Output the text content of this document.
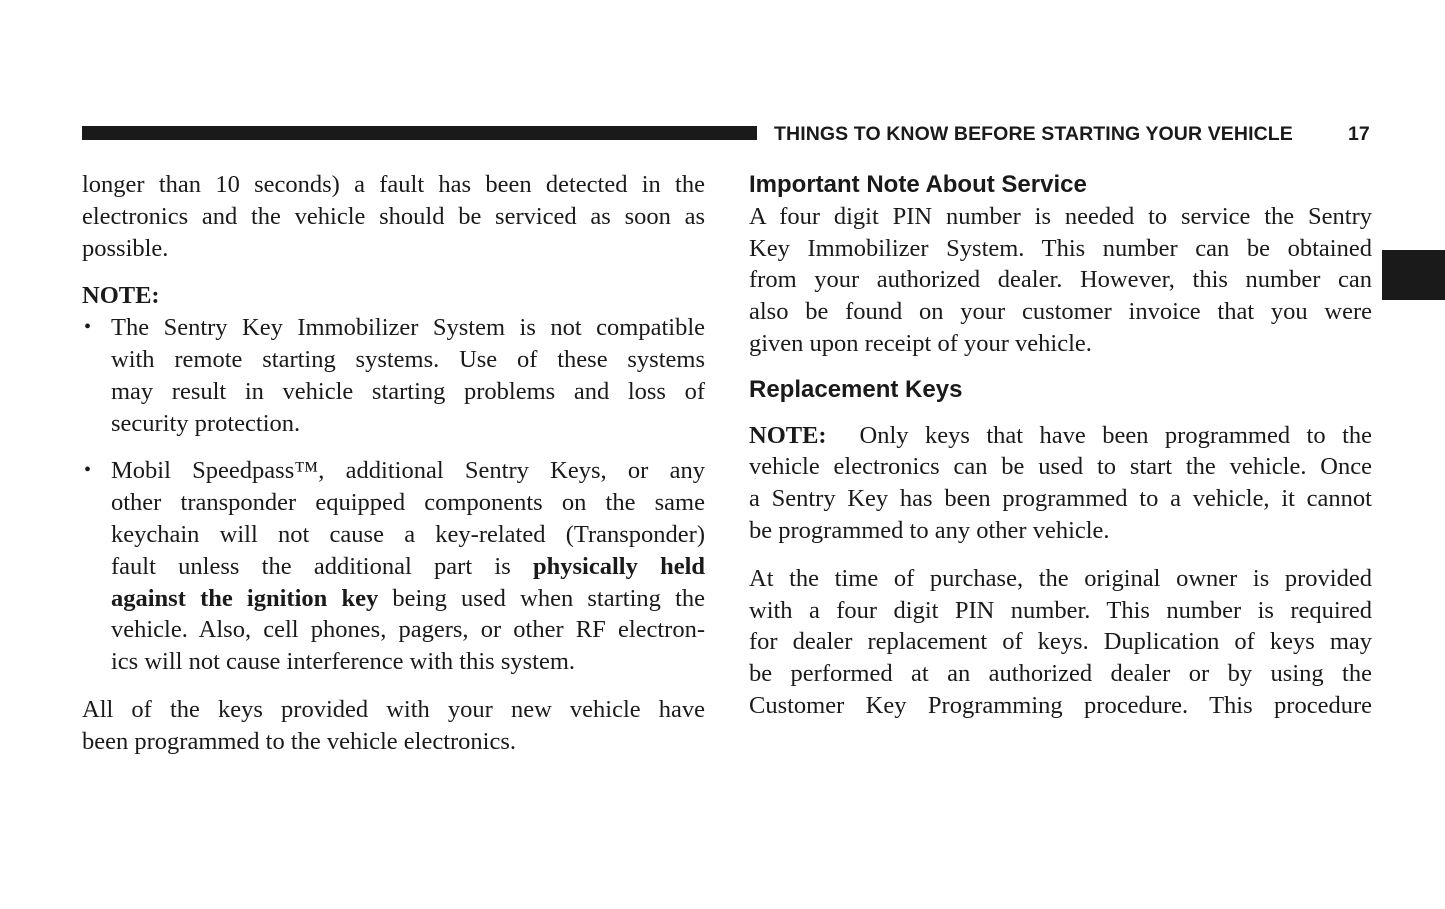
THINGS TO KNOW BEFORE STARTING YOUR VEHICLE	17
longer than 10 seconds) a fault has been detected in the
electronics and the vehicle should be serviced as soon as
possible.
NOTE:
• The Sentry Key Immobilizer System is not compatible
with remote starting systems. Use of these systems
may result in vehicle starting problems and loss of
security protection.
• Mobil Speedpass™, additional Sentry Keys, or any
other transponder equipped components on the same
keychain will not cause a key-related (Transponder)
fault unless the additional part is physically held
against the ignition key being used when starting the
vehicle. Also, cell phones, pagers, or other RF electron-
ics will not cause interference with this system.
All of the keys provided with your new vehicle have
been programmed to the vehicle electronics.
Important Note About Service
A four digit PIN number is needed to service the Sentry
Key Immobilizer System. This number can be obtained
from your authorized dealer. However, this number can
also be found on your customer invoice that you were
given upon receipt of your vehicle.
Replacement Keys
NOTE:  Only keys that have been programmed to the
vehicle electronics can be used to start the vehicle. Once
a Sentry Key has been programmed to a vehicle, it cannot
be programmed to any other vehicle.
At the time of purchase, the original owner is provided
with a four digit PIN number. This number is required
for dealer replacement of keys. Duplication of keys may
be performed at an authorized dealer or by using the
Customer Key Programming procedure. This procedure
